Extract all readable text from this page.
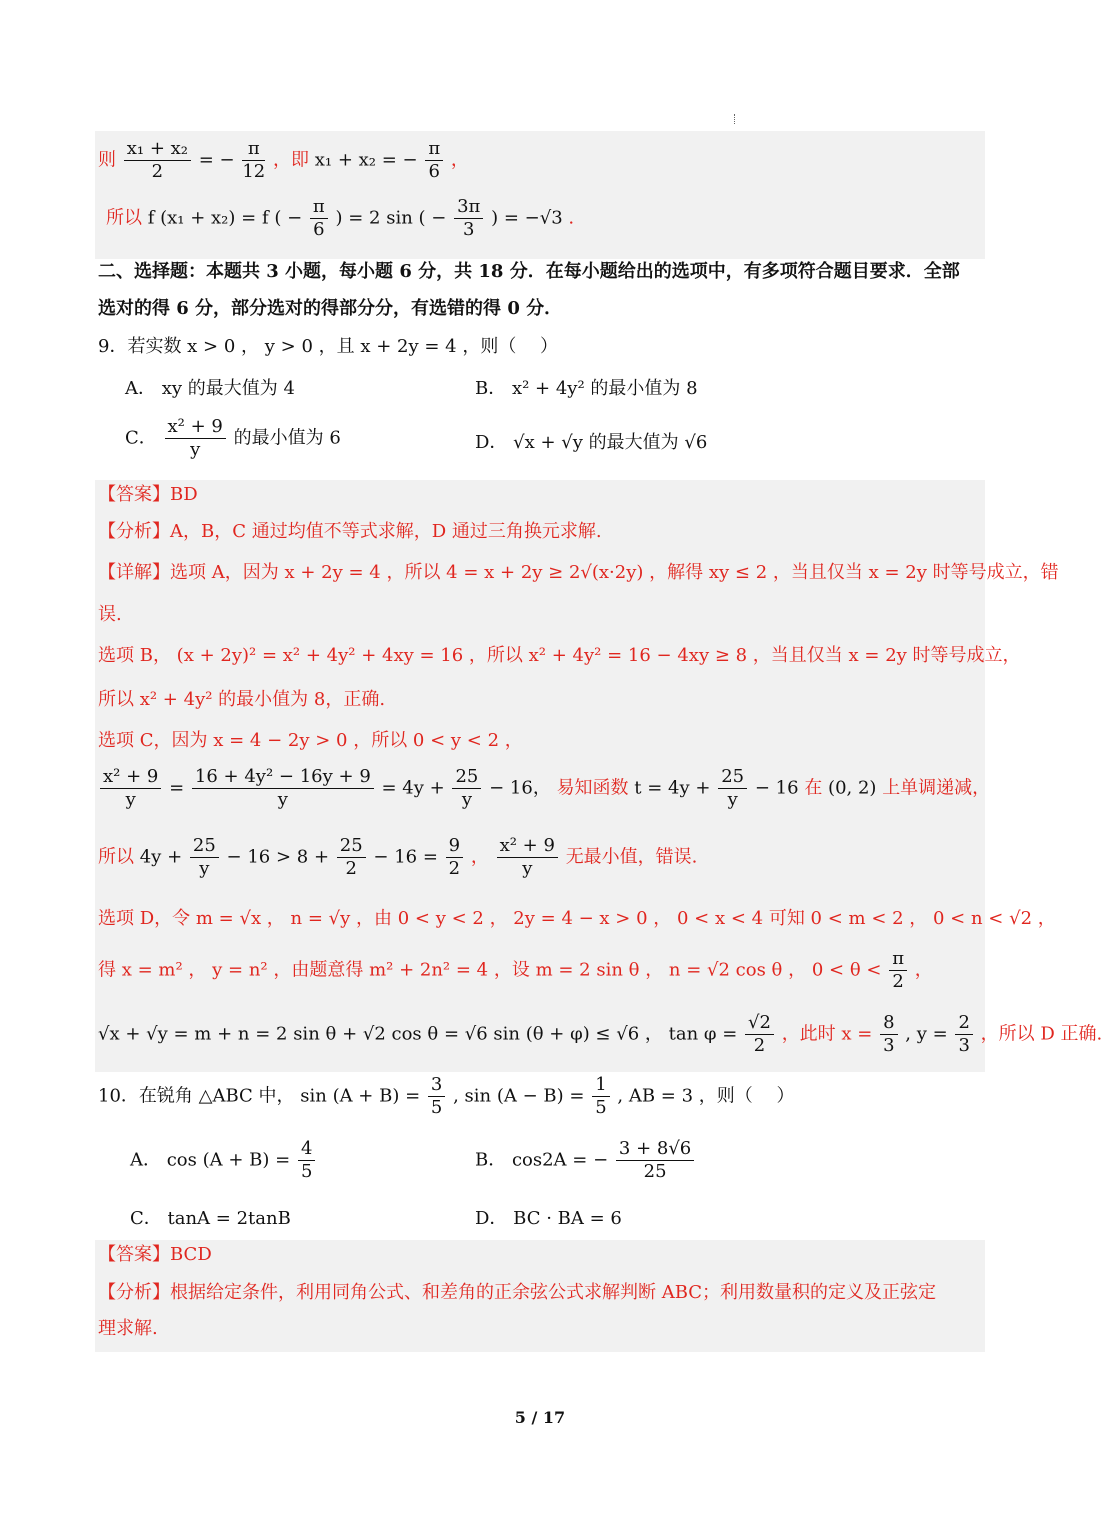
则 $\frac{\text{x₁ + x₂}}{2}$ = − $\frac{\pi}{12}$ ，即 x₁ + x₂ = − $\frac{\pi}{6}$ ，
所以 f (x₁ + x₂) = f ( − $\frac{\pi}{6}$ ) = 2 sin ( − $\frac{3\pi}{3}$ ) = −√3 .
二、选择题：本题共 3 小题，每小题 6 分，共 18 分．在每小题给出的选项中，有多项符合题目要求．全部
选对的得 6 分，部分选对的得部分分，有选错的得 0 分．
9．若实数 x > 0 ， y > 0 ，且 x + 2y = 4 ，则（　 ）
A． xy 的最大值为 4	B． x² + 4y² 的最小值为 8
C． $\frac{\text{x² + 9}}{y}$ 的最小值为 6	D． √x + √y 的最大值为 √6
【答案】BD
【分析】A，B，C 通过均值不等式求解，D 通过三角换元求解.
【详解】选项 A，因为 x + 2y = 4 ，所以 4 = x + 2y ≥ 2√(x·2y) ，解得 xy ≤ 2 ，当且仅当 x = 2y 时等号成立，错
误.
选项 B， (x + 2y)² = x² + 4y² + 4xy = 16 ，所以 x² + 4y² = 16 − 4xy ≥ 8 ，当且仅当 x = 2y 时等号成立，
所以 x² + 4y² 的最小值为 8，正确.
选项 C，因为 x = 4 − 2y > 0 ，所以 0 < y < 2 ，
$\frac{\text{x² + 9}}{y} = \frac{\text{16 + 4y² − 16y + 9}}{y} = 4y + \frac{25}{y} - 16$， 易知函数 $t = 4y + \frac{25}{y} - 16$ 在 (0, 2) 上单调递减，
所以 $4y + \frac{25}{y} - 16 > 8 + \frac{25}{2} - 16 = \frac{9}{2}$ ， $\frac{\text{x² + 9}}{y}$ 无最小值，错误.
选项 D，令 m = √x ， n = √y ，由 0 < y < 2 ， 2y = 4 − x > 0 ， 0 < x < 4 可知 0 < m < 2 ， 0 < n < √2 ，
得 x = m² ， y = n² ，由题意得 m² + 2n² = 4 ，设 m = 2 sin θ ， n = √2 cos θ ， $0 < \theta < \frac{\pi}{2}$ ，
√x + √y = m + n = 2 sin θ + √2 cos θ = √6 sin (θ + φ) ≤ √6 ， $\tan \varphi = \frac{√2}{2}$ ，此时 $x = \frac{8}{3}$ , $y = \frac{2}{3}$ ，所以 D 正确.
10．在锐角 △ABC 中， $\sin (A + B) = \frac{3}{5}$ , $\sin (A - B) = \frac{1}{5}$ , AB = 3 ，则（　 ）
A． $\cos (A + B) = \frac{4}{5}$	B． cos2A = − $\frac{3 + 8√6}{25}$
C． tanA = 2tanB	D． BC · BA = 6
【答案】BCD
【分析】根据给定条件，利用同角公式、和差角的正余弦公式求解判断 ABC；利用数量积的定义及正弦定
理求解.
5 / 17
